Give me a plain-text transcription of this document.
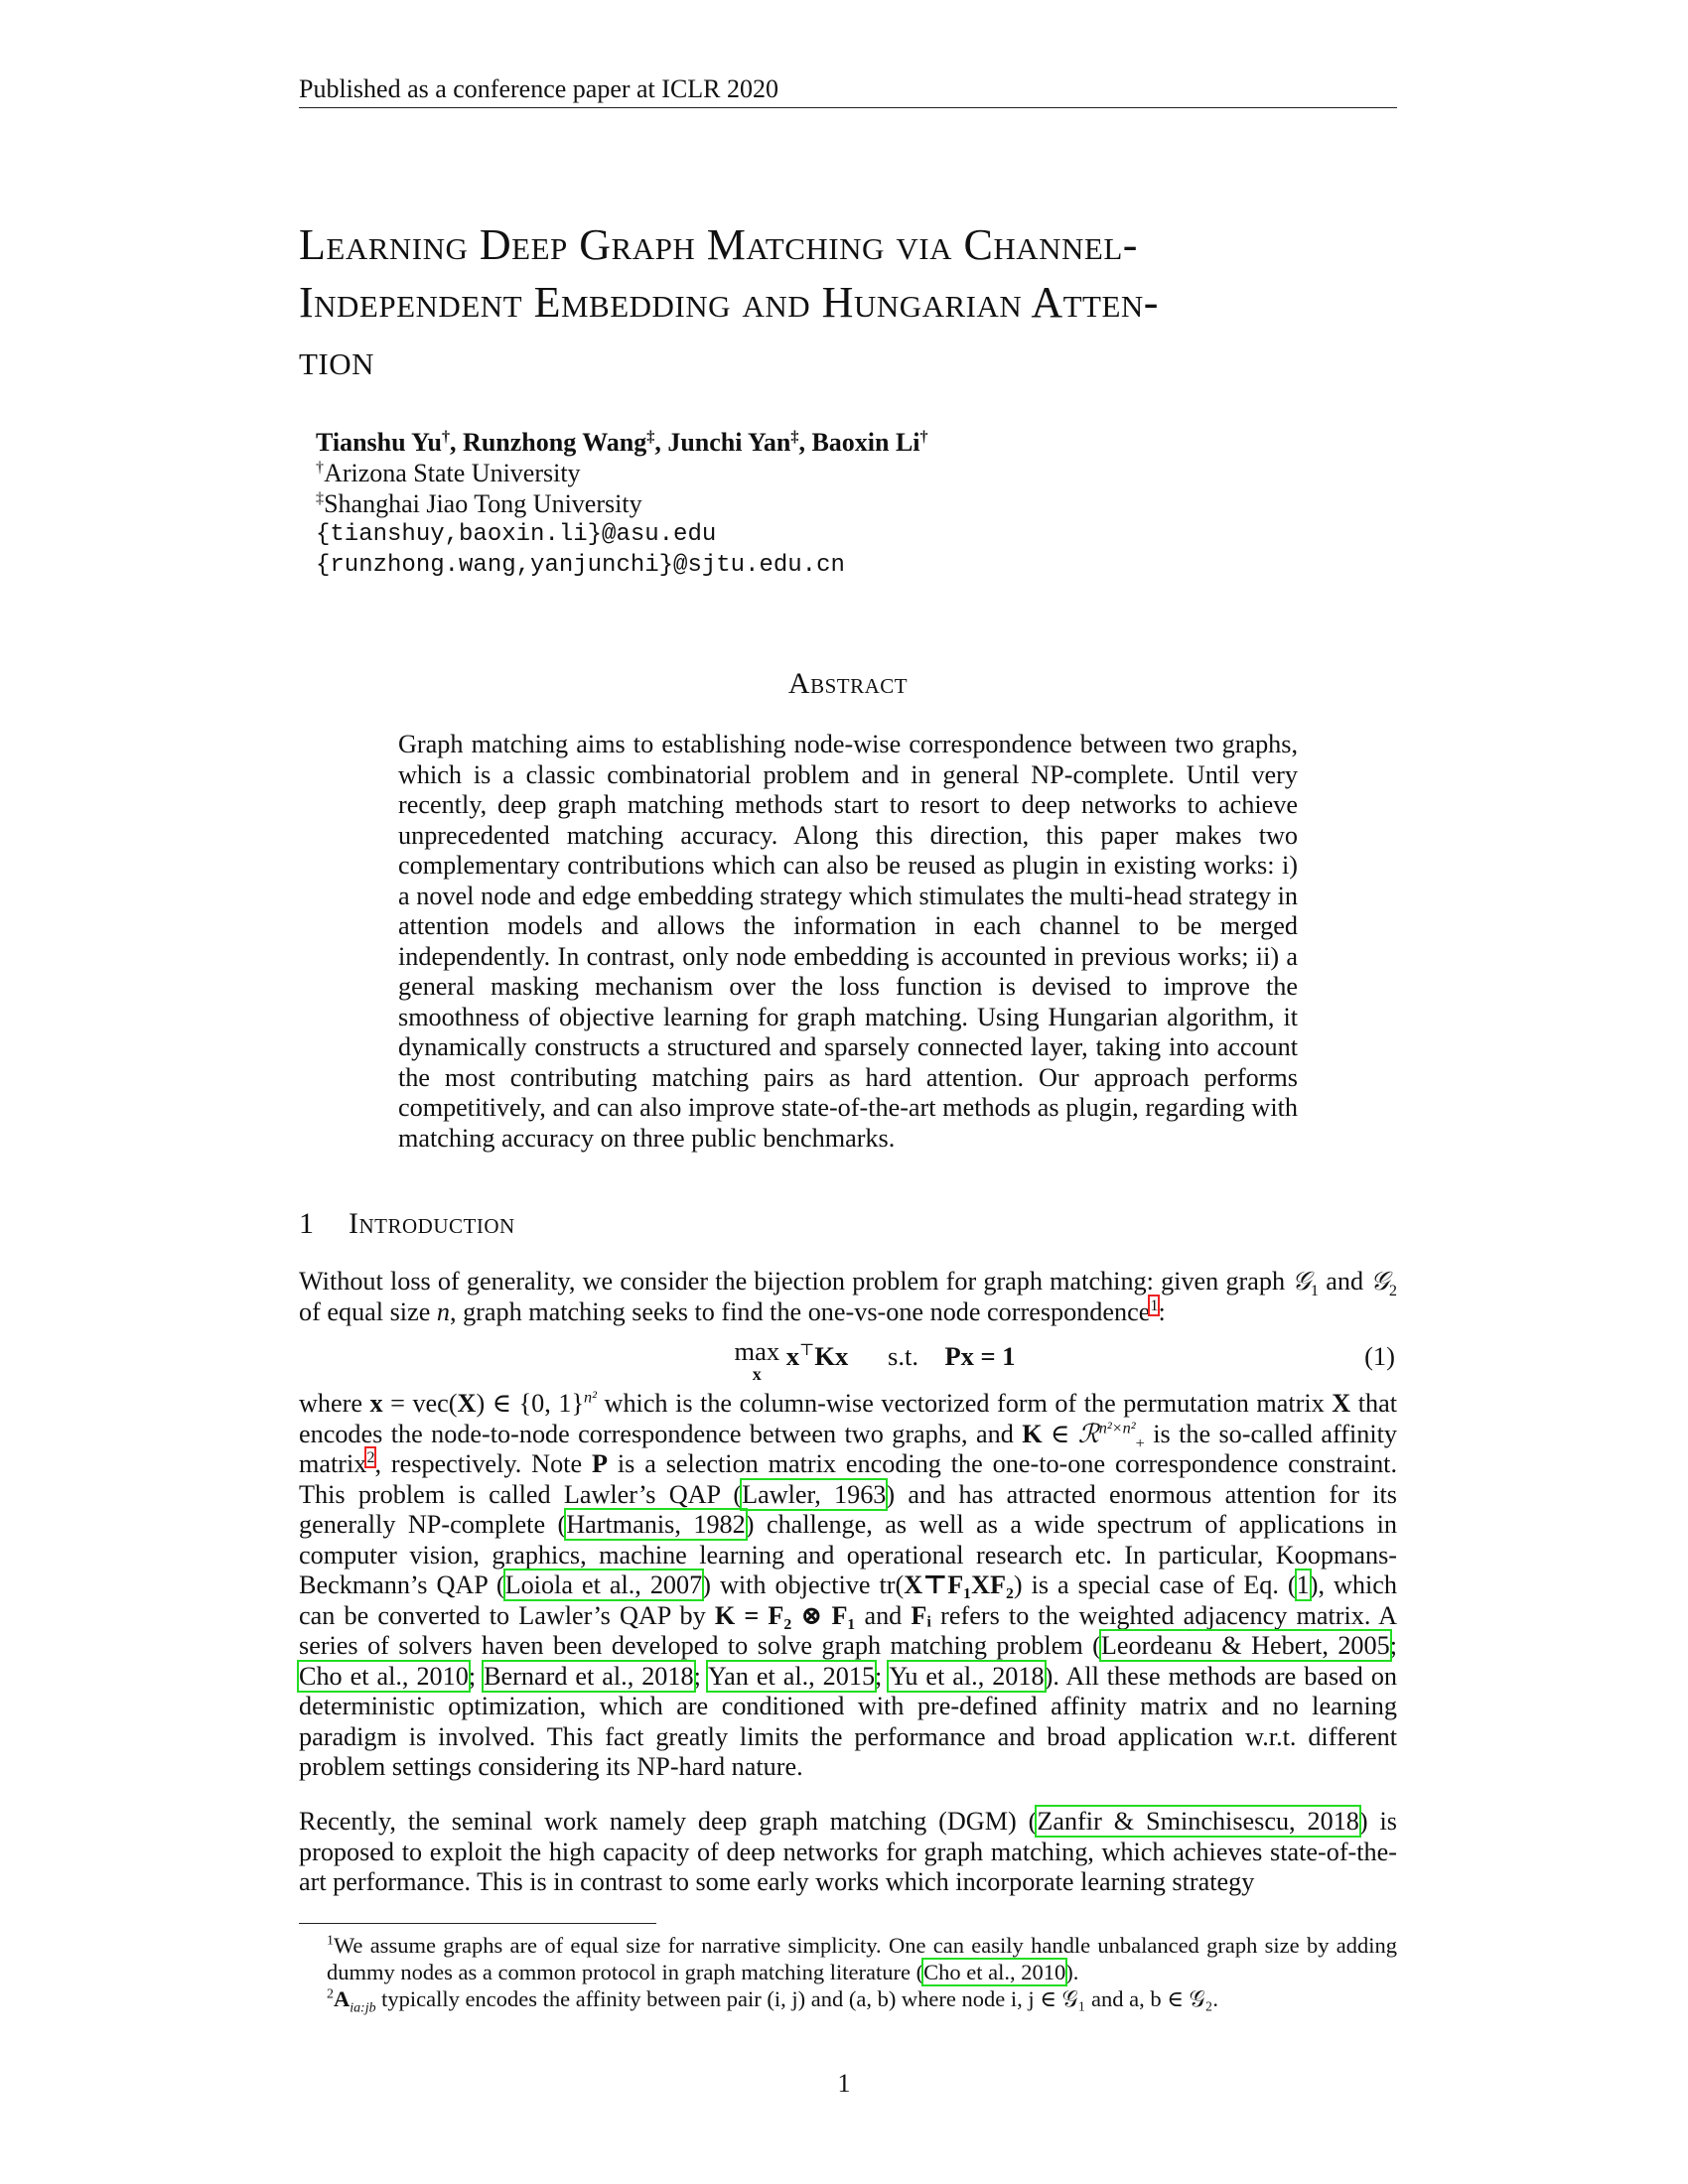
Published as a conference paper at ICLR 2020
Learning Deep Graph Matching via Channel-
Independent Embedding and Hungarian Atten-
tion
Tianshu Yu†, Runzhong Wang‡, Junchi Yan‡, Baoxin Li†
†Arizona State University
‡Shanghai Jiao Tong University
{tianshuy,baoxin.li}@asu.edu
{runzhong.wang,yanjunchi}@sjtu.edu.cn
Abstract

Graph matching aims to establishing node-wise correspondence between two graphs, which is a classic combinatorial problem and in general NP-complete. Until very recently, deep graph matching methods start to resort to deep networks to achieve unprecedented matching accuracy. Along this direction, this paper makes two complementary contributions which can also be reused as plugin in existing works: i) a novel node and edge embedding strategy which stimulates the multi-head strategy in attention models and allows the information in each channel to be merged independently. In contrast, only node embedding is accounted in previous works; ii) a general masking mechanism over the loss function is devised to improve the smoothness of objective learning for graph matching. Using Hungarian algorithm, it dynamically constructs a structured and sparsely connected layer, taking into account the most contributing matching pairs as hard attention. Our approach performs competitively, and can also improve state-of-the-art methods as plugin, regarding with matching accuracy on three public benchmarks.

1 Introduction

Without loss of generality, we consider the bijection problem for graph matching: given graph 𝒢$_1$ and 𝒢$_2$ of equal size n, graph matching seeks to find the one-vs-one node correspondence$^1$:

max
x x⊤Kx s.t. Px = 1	(1)

where x = vec(X) ∈ {0, 1}$^{n^2}$ which is the column-wise vectorized form of the permutation matrix X that encodes the node-to-node correspondence between two graphs, and K ∈ ℛ$^{n^2\times n^2}_+$ is the so-called affinity matrix$^2$, respectively. Note P is a selection matrix encoding the one-to-one correspondence constraint. This problem is called Lawler’s QAP (Lawler, 1963) and has attracted enormous attention for its generally NP-complete (Hartmanis, 1982) challenge, as well as a wide spectrum of applications in computer vision, graphics, machine learning and operational research etc. In particular, Koopmans-Beckmann’s QAP (Loiola et al., 2007) with objective tr(X⊤F₁XF₂) is a special case of Eq. (1), which can be converted to Lawler’s QAP by K = F₂ ⊗ F₁ and Fᵢ refers to the weighted adjacency matrix. A series of solvers haven been developed to solve graph matching problem (Leordeanu & Hebert, 2005; Cho et al., 2010; Bernard et al., 2018; Yan et al., 2015; Yu et al., 2018). All these methods are based on deterministic optimization, which are conditioned with pre-defined affinity matrix and no learning paradigm is involved. This fact greatly limits the performance and broad application w.r.t. different problem settings considering its NP-hard nature.

Recently, the seminal work namely deep graph matching (DGM) (Zanfir & Sminchisescu, 2018) is proposed to exploit the high capacity of deep networks for graph matching, which achieves state-of-the-art performance. This is in contrast to some early works which incorporate learning strategy

$^1$We assume graphs are of equal size for narrative simplicity. One can easily handle unbalanced graph size by adding dummy nodes as a common protocol in graph matching literature (Cho et al., 2010).

$^2A_{ia:jb}$ typically encodes the affinity between pair (i, j) and (a, b) where node i, j ∈ 𝒢₁ and a, b ∈ 𝒢₂.

1
